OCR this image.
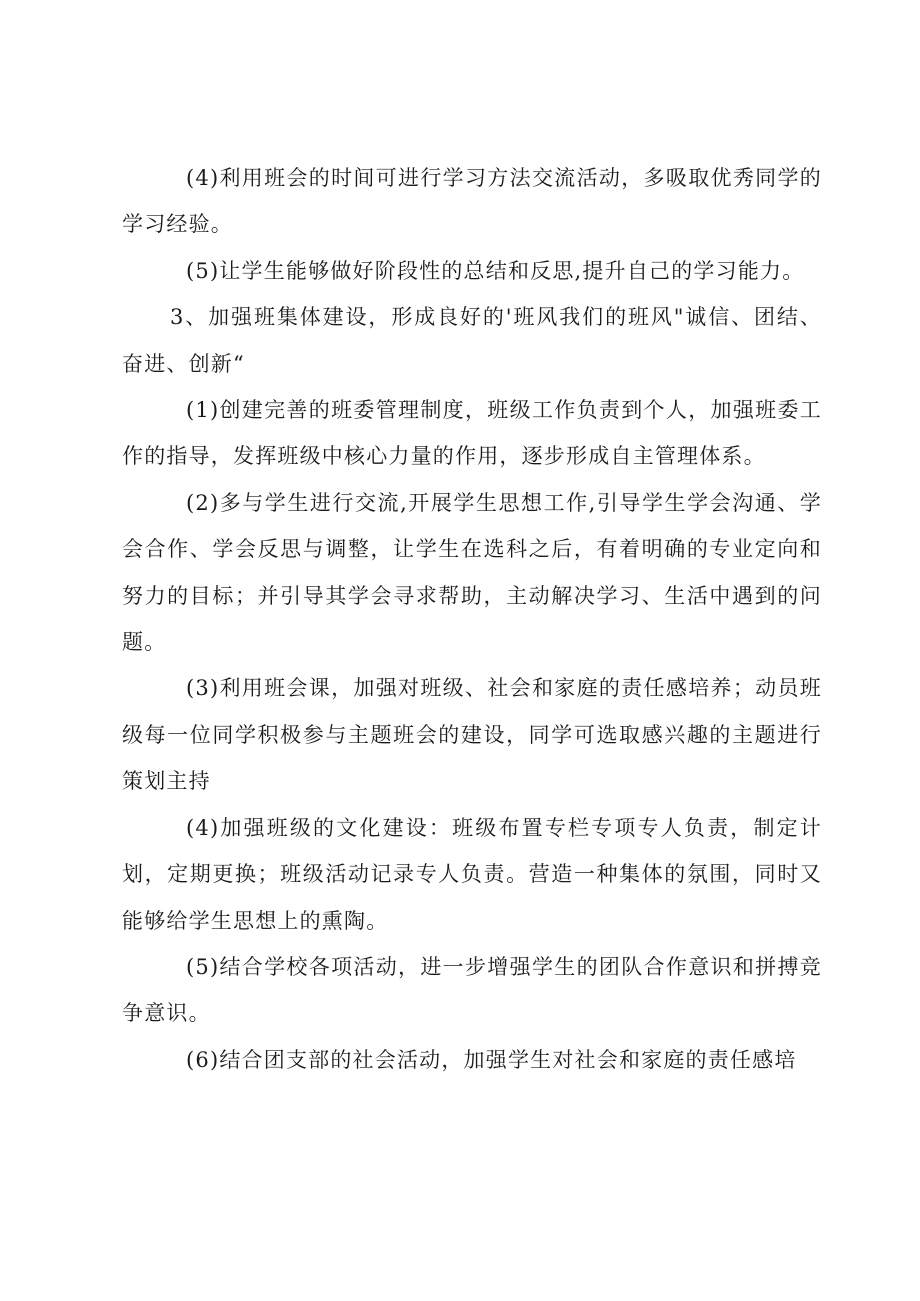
(4)利用班会的时间可进行学习方法交流活动，多吸取优秀同学的学习经验。

(5)让学生能够做好阶段性的总结和反思,提升自己的学习能力。

3、加强班集体建设，形成良好的'班风我们的班风"诚信、团结、奋进、创新“

(1)创建完善的班委管理制度，班级工作负责到个人，加强班委工作的指导，发挥班级中核心力量的作用，逐步形成自主管理体系。

(2)多与学生进行交流,开展学生思想工作,引导学生学会沟通、学会合作、学会反思与调整，让学生在选科之后，有着明确的专业定向和努力的目标；并引导其学会寻求帮助，主动解决学习、生活中遇到的问题。

(3)利用班会课，加强对班级、社会和家庭的责任感培养；动员班级每一位同学积极参与主题班会的建设，同学可选取感兴趣的主题进行策划主持

(4)加强班级的文化建设：班级布置专栏专项专人负责，制定计划，定期更换；班级活动记录专人负责。营造一种集体的氛围，同时又能够给学生思想上的熏陶。

(5)结合学校各项活动，进一步增强学生的团队合作意识和拼搏竞争意识。

(6)结合团支部的社会活动，加强学生对社会和家庭的责任感培
